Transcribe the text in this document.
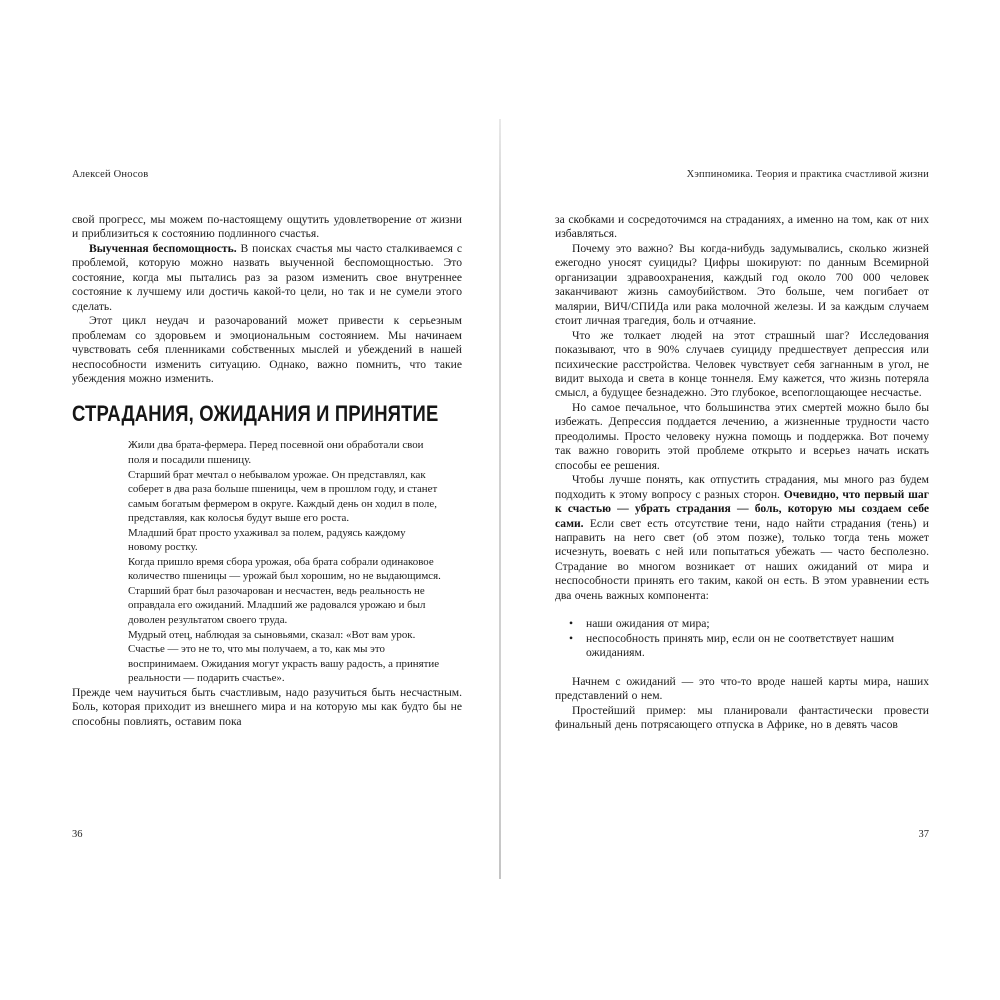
Алексей Оносов

свой прогресс, мы можем по-настоящему ощутить удовлетворение от жизни и приблизиться к состоянию подлинного счастья.

Выученная беспомощность. В поисках счастья мы часто сталкиваемся с проблемой, которую можно назвать выученной беспомощностью. Это состояние, когда мы пытались раз за разом изменить свое внутреннее состояние к лучшему или достичь какой-то цели, но так и не сумели этого сделать.

Этот цикл неудач и разочарований может привести к серьезным проблемам со здоровьем и эмоциональным состоянием. Мы начинаем чувствовать себя пленниками собственных мыслей и убеждений в нашей неспособности изменить ситуацию. Однако, важно помнить, что такие убеждения можно изменить.

СТРАДАНИЯ, ОЖИДАНИЯ И ПРИНЯТИЕ

Жили два брата-фермера. Перед посевной они обработали свои поля и посадили пшеницу.

Старший брат мечтал о небывалом урожае. Он представлял, как соберет в два раза больше пшеницы, чем в прошлом году, и станет самым богатым фермером в округе. Каждый день он ходил в поле, представляя, как колосья будут выше его роста.

Младший брат просто ухаживал за полем, радуясь каждому новому ростку.

Когда пришло время сбора урожая, оба брата собрали одинаковое количество пшеницы — урожай был хорошим, но не выдающимся.

Старший брат был разочарован и несчастен, ведь реальность не оправдала его ожиданий. Младший же радовался урожаю и был доволен результатом своего труда.

Мудрый отец, наблюдая за сыновьями, сказал: «Вот вам урок. Счастье — это не то, что мы получаем, а то, как мы это воспринимаем. Ожидания могут украсть вашу радость, а принятие реальности — подарить счастье».

Прежде чем научиться быть счастливым, надо разучиться быть несчастным. Боль, которая приходит из внешнего мира и на которую мы как будто бы не способны повлиять, оставим пока

36
Хэппиномика. Теория и практика счастливой жизни

за скобками и сосредоточимся на страданиях, а именно на том, как от них избавляться.

Почему это важно? Вы когда-нибудь задумывались, сколько жизней ежегодно уносят суициды? Цифры шокируют: по данным Всемирной организации здравоохранения, каждый год около 700 000 человек заканчивают жизнь самоубийством. Это больше, чем погибает от малярии, ВИЧ/СПИДа или рака молочной железы. И за каждым случаем стоит личная трагедия, боль и отчаяние.

Что же толкает людей на этот страшный шаг? Исследования показывают, что в 90% случаев суициду предшествует депрессия или психические расстройства. Человек чувствует себя загнанным в угол, не видит выхода и света в конце тоннеля. Ему кажется, что жизнь потеряла смысл, а будущее безнадежно. Это глубокое, всепоглощающее несчастье.

Но самое печальное, что большинства этих смертей можно было бы избежать. Депрессия поддается лечению, а жизненные трудности часто преодолимы. Просто человеку нужна помощь и поддержка. Вот почему так важно говорить этой проблеме открыто и всерьез начать искать способы ее решения.

Чтобы лучше понять, как отпустить страдания, мы много раз будем подходить к этому вопросу с разных сторон. Очевидно, что первый шаг к счастью — убрать страдания — боль, которую мы создаем себе сами. Если свет есть отсутствие тени, надо найти страдания (тень) и направить на него свет (об этом позже), только тогда тень может исчезнуть, воевать с ней или попытаться убежать — часто бесполезно. Страдание во многом возникает от наших ожиданий от мира и неспособности принять его таким, какой он есть. В этом уравнении есть два очень важных компонента:

• наши ожидания от мира;

• неспособность принять мир, если он не соответствует нашим ожиданиям.

Начнем с ожиданий — это что-то вроде нашей карты мира, наших представлений о нем.

Простейший пример: мы планировали фантастически провести финальный день потрясающего отпуска в Африке, но в девять часов

37
